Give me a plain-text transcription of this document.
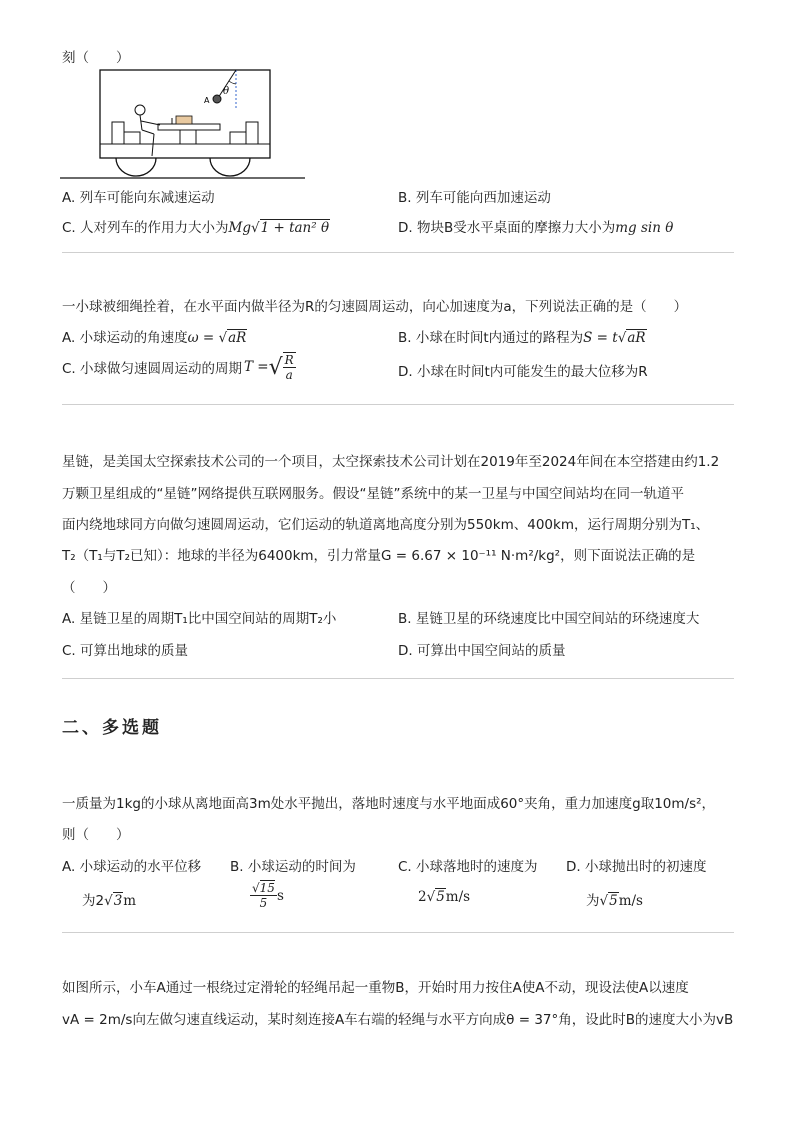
刻（　　）
A
θ
A. 列车可能向东减速运动	B. 列车可能向西加速运动
C. 人对列车的作用力大小为Mg√1 + tan² θ	D. 物块B受水平桌面的摩擦力大小为mg sin θ
一小球被细绳拴着，在水平面内做半径为R的匀速圆周运动，向心加速度为a，下列说法正确的是（　　）
A. 小球运动的角速度ω = √aR	B. 小球在时间t内通过的路程为S = t√aR
C. 小球做匀速圆周运动的周期 T = √ $\frac{R}{a}$	D. 小球在时间t内可能发生的最大位移为R
星链，是美国太空探索技术公司的一个项目，太空探索技术公司计划在2019年至2024年间在本空搭建由约1.2
万颗卫星组成的“星链”网络提供互联网服务。假设“星链”系统中的某一卫星与中国空间站均在同一轨道平
面内绕地球同方向做匀速圆周运动，它们运动的轨道离地高度分别为550km、400km，运行周期分别为T₁、
T₂（T₁与T₂已知）：地球的半径为6400km，引力常量G = 6.67 × 10⁻¹¹ N·m²/kg²，则下面说法正确的是
（　　）
A. 星链卫星的周期T₁比中国空间站的周期T₂小	B. 星链卫星的环绕速度比中国空间站的环绕速度大
C. 可算出地球的质量	D. 可算出中国空间站的质量
二、多选题
一质量为1kg的小球从离地面高3m处水平抛出，落地时速度与水平地面成60°夹角，重力加速度g取10m/s²，
则（　　）
A. 小球运动的水平位移
为2√3m
B. 小球运动的时间为
$\frac{√15}{5}$ s
C. 小球落地时的速度为
2√5m/s
D. 小球抛出时的初速度
为√5m/s
如图所示，小车A通过一根绕过定滑轮的轻绳吊起一重物B，开始时用力按住A使A不动，现设法使A以速度
vA = 2m/s向左做匀速直线运动，某时刻连接A车右端的轻绳与水平方向成θ = 37°角，设此时B的速度大小为vB
